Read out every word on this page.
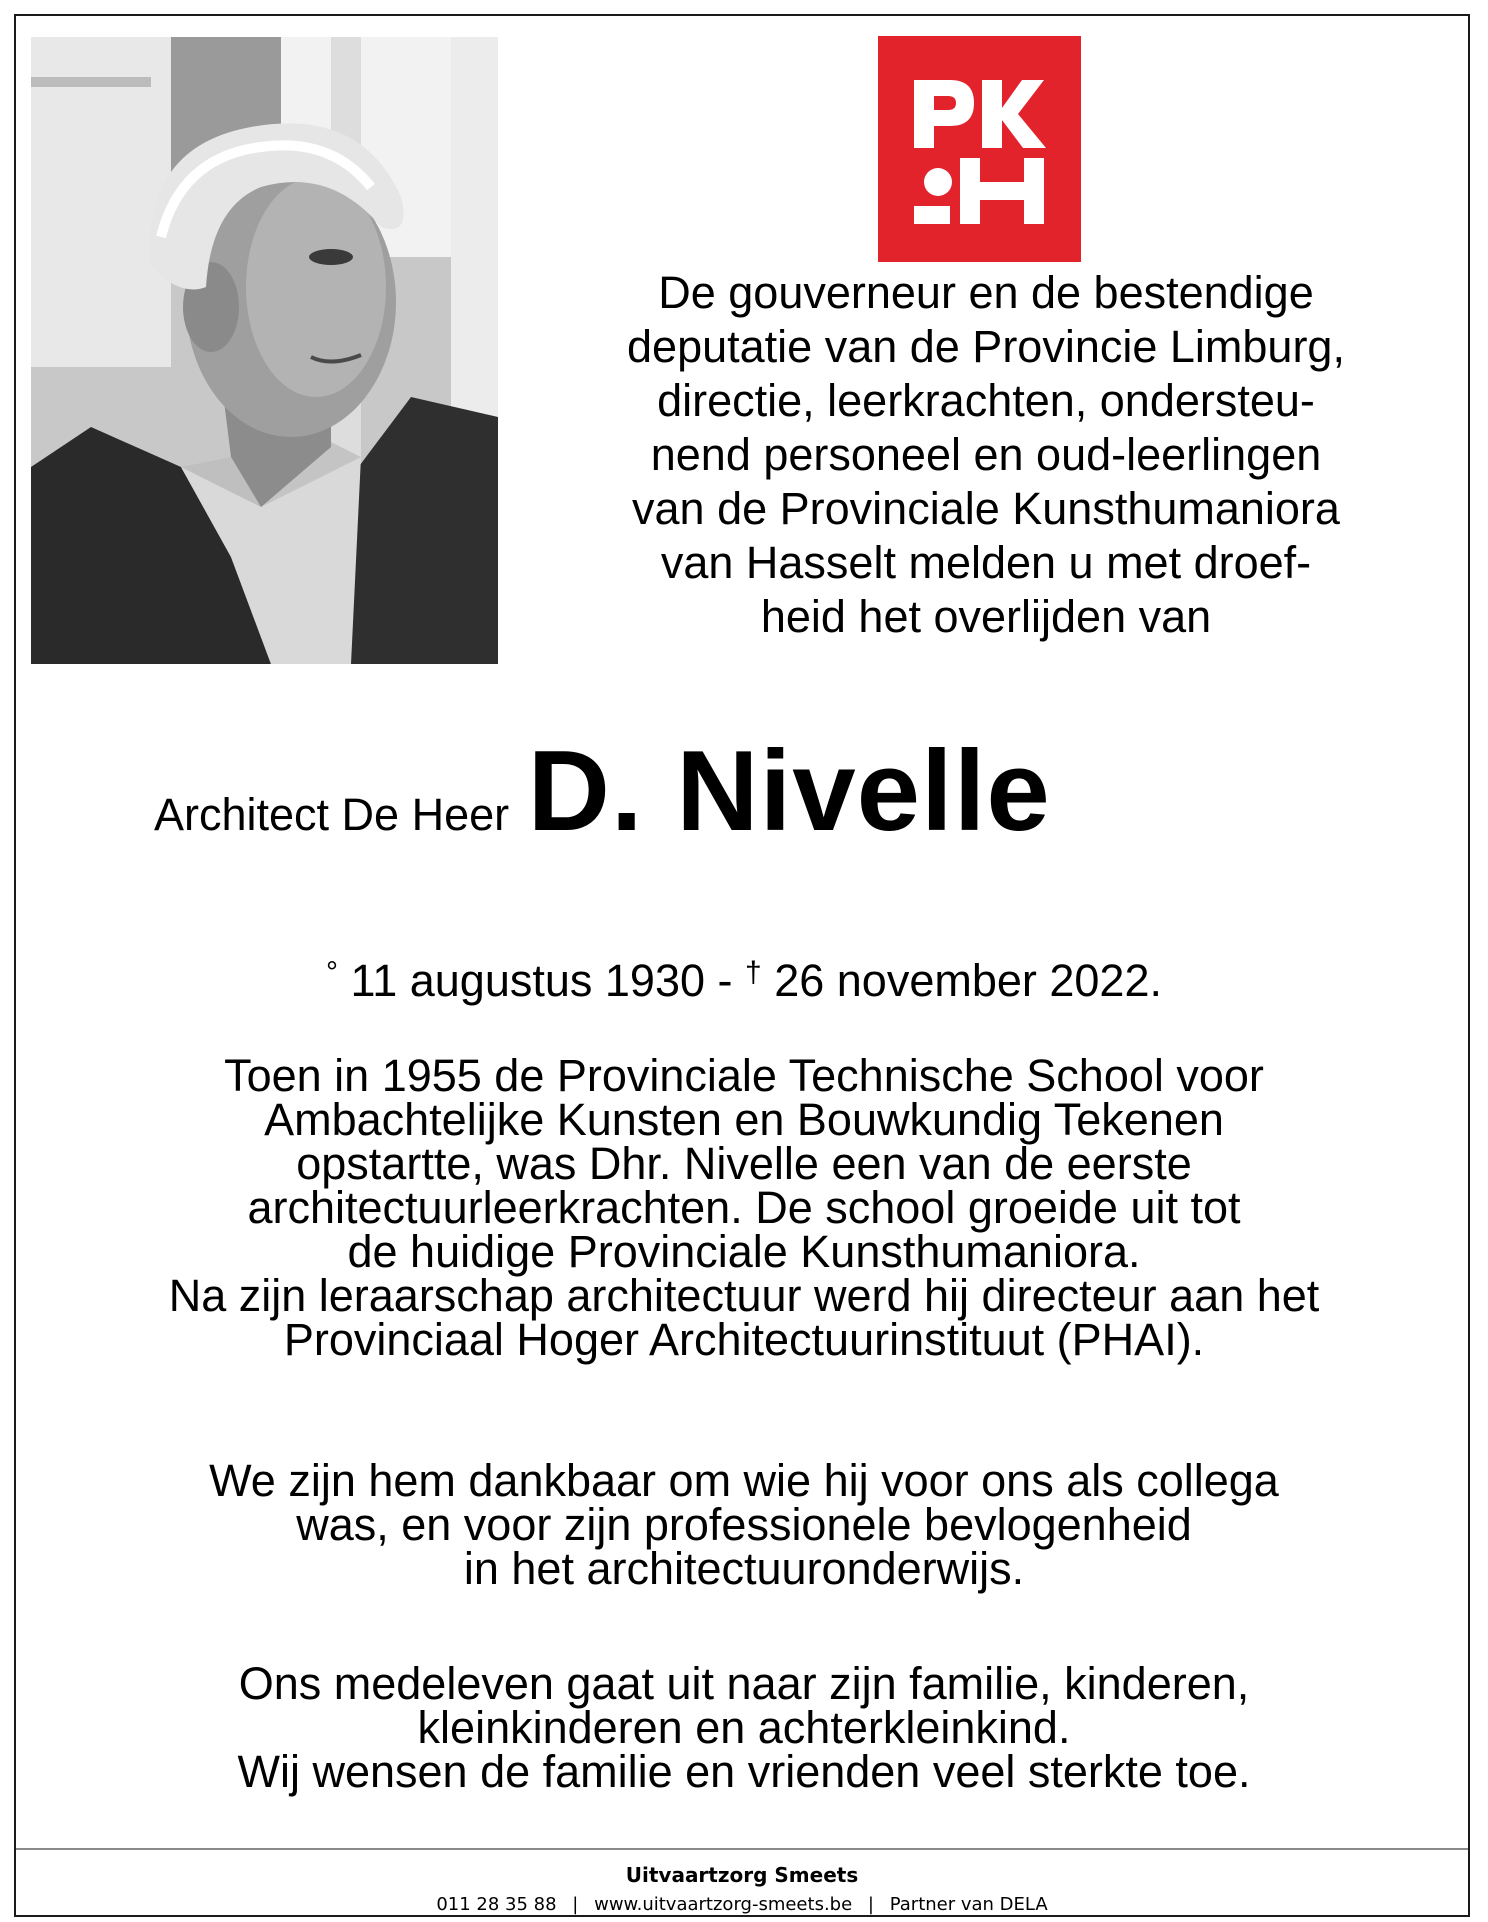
De gouverneur en de bestendige
deputatie van de Provincie Limburg,
directie, leerkrachten, ondersteu-
nend personeel en oud-leerlingen
van de Provinciale Kunsthumaniora
van Hasselt melden u met droef-
heid het overlijden van
Architect De Heer D. Nivelle
° 11 augustus 1930 - † 26 november 2022.
Toen in 1955 de Provinciale Technische School voor
Ambachtelijke Kunsten en Bouwkundig Tekenen
opstartte, was Dhr. Nivelle een van de eerste
architectuurleerkrachten. De school groeide uit tot
de huidige Provinciale Kunsthumaniora.
Na zijn leraarschap architectuur werd hij directeur aan het
Provinciaal Hoger Architectuurinstituut (PHAI).
We zijn hem dankbaar om wie hij voor ons als collega
was, en voor zijn professionele bevlogenheid
in het architectuuronderwijs.
Ons medeleven gaat uit naar zijn familie, kinderen,
kleinkinderen en achterkleinkind.
Wij wensen de familie en vrienden veel sterkte toe.
Uitvaartzorg Smeets
011 28 35 88 | www.uitvaartzorg-smeets.be | Partner van DELA
